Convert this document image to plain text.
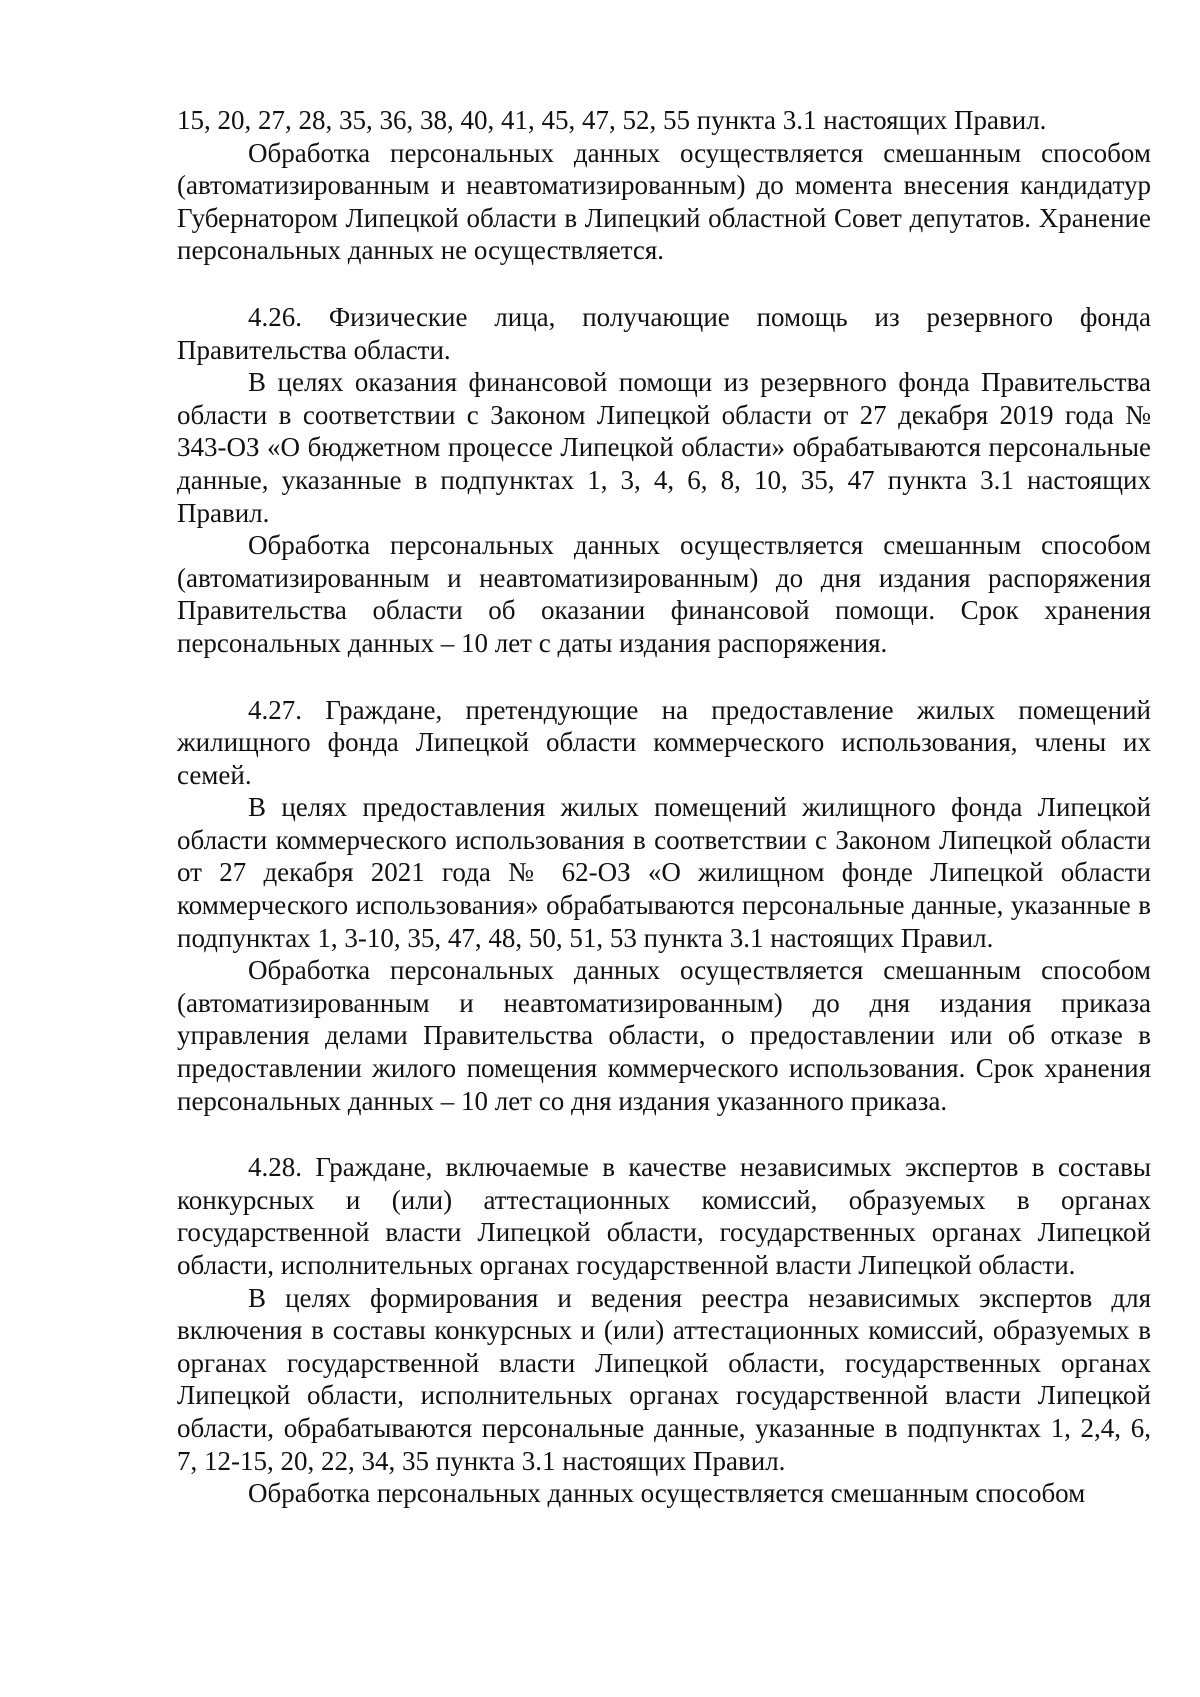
15, 20, 27, 28, 35, 36, 38, 40, 41, 45, 47, 52, 55 пункта 3.1 настоящих Правил.

Обработка персональных данных осуществляется смешанным способом (автоматизированным и неавтоматизированным) до момента внесения кандидатур Губернатором Липецкой области в Липецкий областной Совет депутатов. Хранение персональных данных не осуществляется.

4.26. Физические лица, получающие помощь из резервного фонда Правительства области.

В целях оказания финансовой помощи из резервного фонда Правительства области в соответствии с Законом Липецкой области от 27 декабря 2019 года № 343-ОЗ «О бюджетном процессе Липецкой области» обрабатываются персональные данные, указанные в подпунктах 1, 3, 4, 6, 8, 10, 35, 47 пункта 3.1 настоящих Правил.

Обработка персональных данных осуществляется смешанным способом (автоматизированным и неавтоматизированным) до дня издания распоряжения Правительства области об оказании финансовой помощи. Срок хранения персональных данных – 10 лет с даты издания распоряжения.

4.27. Граждане, претендующие на предоставление жилых помещений жилищного фонда Липецкой области коммерческого использования, члены их семей.

В целях предоставления жилых помещений жилищного фонда Липецкой области коммерческого использования в соответствии с Законом Липецкой области от 27 декабря 2021 года № 62-ОЗ «О жилищном фонде Липецкой области коммерческого использования» обрабатываются персональные данные, указанные в подпунктах 1, 3-10, 35, 47, 48, 50, 51, 53 пункта 3.1 настоящих Правил.

Обработка персональных данных осуществляется смешанным способом (автоматизированным и неавтоматизированным) до дня издания приказа управления делами Правительства области, о предоставлении или об отказе в предоставлении жилого помещения коммерческого использования. Срок хранения персональных данных – 10 лет со дня издания указанного приказа.

4.28. Граждане, включаемые в качестве независимых экспертов в составы конкурсных и (или) аттестационных комиссий, образуемых в органах государственной власти Липецкой области, государственных органах Липецкой области, исполнительных органах государственной власти Липецкой области.

В целях формирования и ведения реестра независимых экспертов для включения в составы конкурсных и (или) аттестационных комиссий, образуемых в органах государственной власти Липецкой области, государственных органах Липецкой области, исполнительных органах государственной власти Липецкой области, обрабатываются персональные данные, указанные в подпунктах 1, 2,4, 6, 7, 12-15, 20, 22, 34, 35 пункта 3.1 настоящих Правил.

Обработка персональных данных осуществляется смешанным способом
